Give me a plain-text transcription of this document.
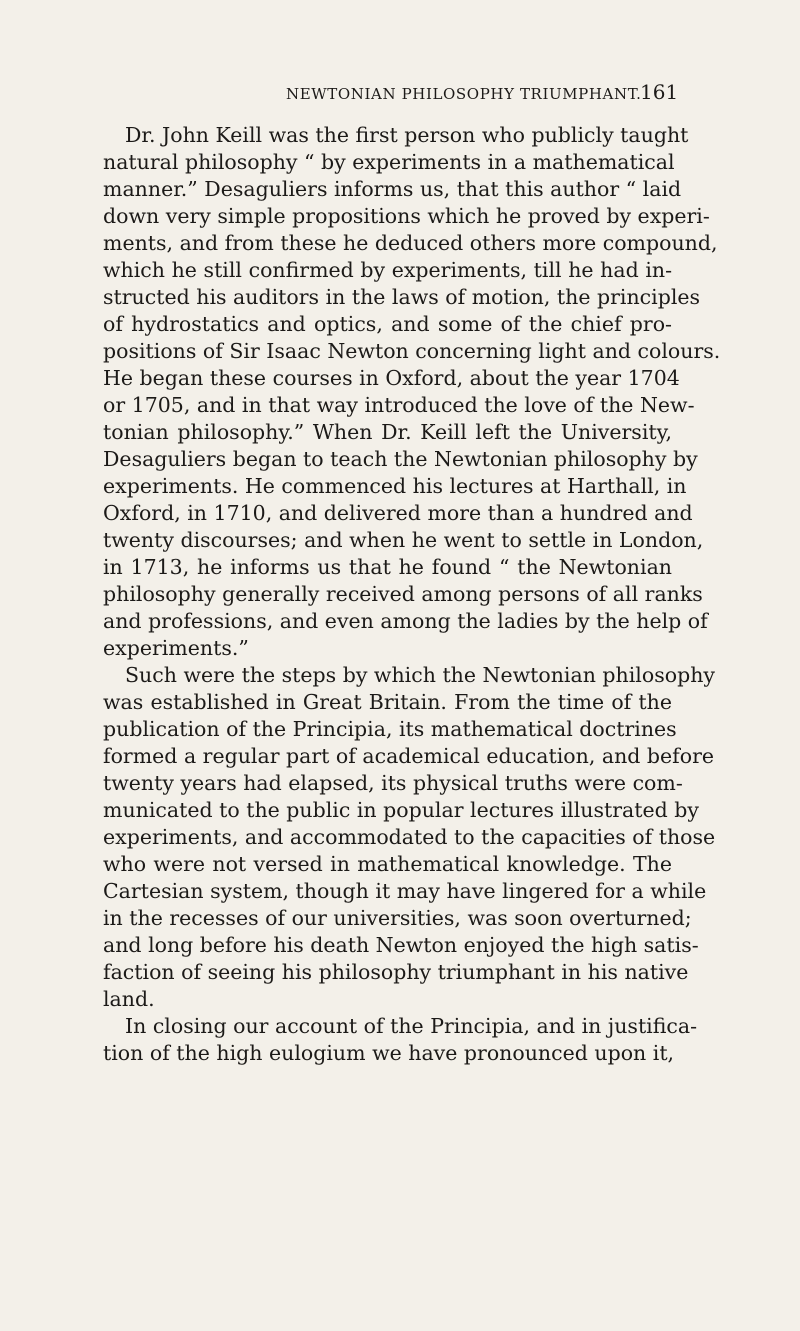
NEWTONIAN PHILOSOPHY TRIUMPHANT.
161
Dr. John Keill was the first person who publicly taught
natural philosophy “ by experiments in a mathematical
manner.” Desaguliers informs us, that this author “ laid
down very simple propositions which he proved by experi-
ments, and from these he deduced others more compound,
which he still confirmed by experiments, till he had in-
structed his auditors in the laws of motion, the principles
of hydrostatics and optics, and some of the chief pro-
positions of Sir Isaac Newton concerning light and colours.
He began these courses in Oxford, about the year 1704
or 1705, and in that way introduced the love of the New-
tonian philosophy.” When Dr. Keill left the University,
Desaguliers began to teach the Newtonian philosophy by
experiments. He commenced his lectures at Harthall, in
Oxford, in 1710, and delivered more than a hundred and
twenty discourses; and when he went to settle in London,
in 1713, he informs us that he found “ the Newtonian
philosophy generally received among persons of all ranks
and professions, and even among the ladies by the help of
experiments.”
Such were the steps by which the Newtonian philosophy
was established in Great Britain. From the time of the
publication of the Principia, its mathematical doctrines
formed a regular part of academical education, and before
twenty years had elapsed, its physical truths were com-
municated to the public in popular lectures illustrated by
experiments, and accommodated to the capacities of those
who were not versed in mathematical knowledge. The
Cartesian system, though it may have lingered for a while
in the recesses of our universities, was soon overturned;
and long before his death Newton enjoyed the high satis-
faction of seeing his philosophy triumphant in his native
land.
In closing our account of the Principia, and in justifica-
tion of the high eulogium we have pronounced upon it,
